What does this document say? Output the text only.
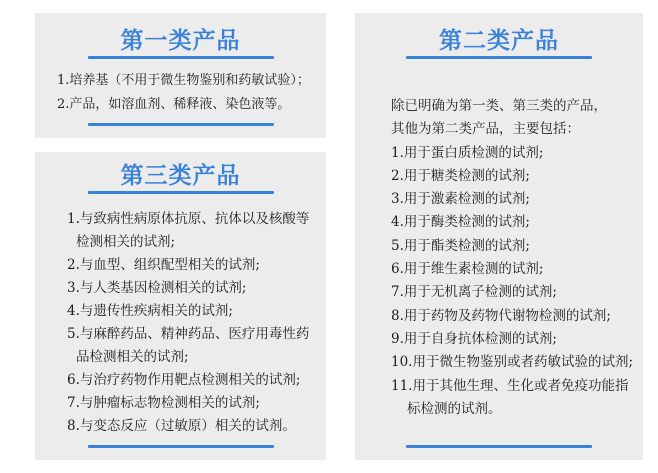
第一类产品
1.培养基（不用于微生物鉴别和药敏试验）；
2.产品，如溶血剂、稀释液、染色液等。
第三类产品
1.与致病性病原体抗原、抗体以及核酸等
检测相关的试剂;
2.与血型、组织配型相关的试剂;
3.与人类基因检测相关的试剂;
4.与遗传性疾病相关的试剂;
5.与麻醉药品、精神药品、医疗用毒性药
品检测相关的试剂;
6.与治疗药物作用靶点检测相关的试剂;
7.与肿瘤标志物检测相关的试剂;
8.与变态反应（过敏原）相关的试剂。
第二类产品
除已明确为第一类、第三类的产品，
其他为第二类产品，主要包括：
1.用于蛋白质检测的试剂;
2.用于糖类检测的试剂;
3.用于激素检测的试剂;
4.用于酶类检测的试剂;
5.用于酯类检测的试剂;
6.用于维生素检测的试剂;
7.用于无机离子检测的试剂;
8.用于药物及药物代谢物检测的试剂;
9.用于自身抗体检测的试剂;
10.用于微生物鉴别或者药敏试验的试剂;
11.用于其他生理、生化或者免疫功能指
标检测的试剂。
